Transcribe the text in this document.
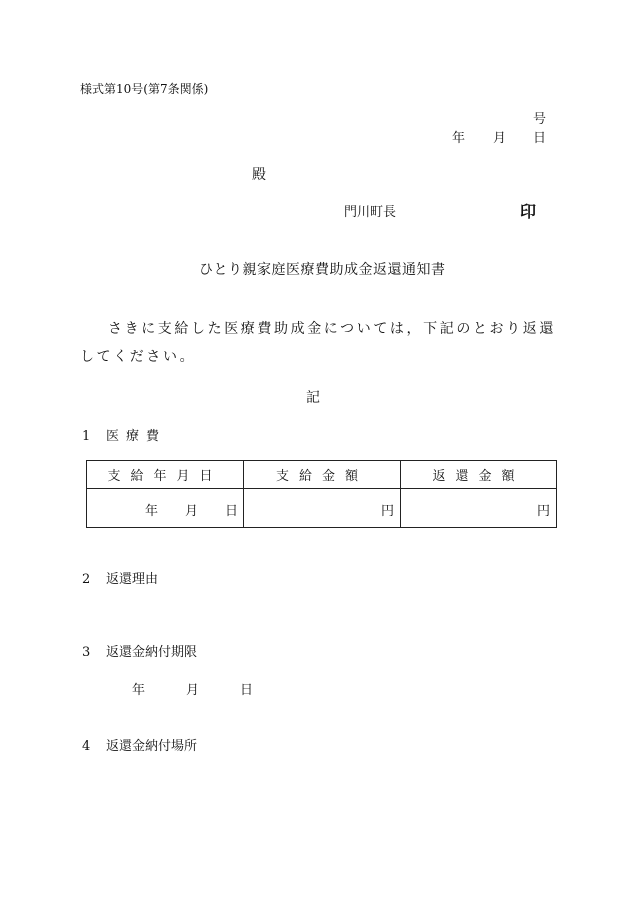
様式第10号(第7条関係)
号
年 月 日
殿
門川町長	印
ひとり親家庭医療費助成金返還通知書
さきに支給した医療費助成金については，下記のとおり返還してください。
記
1 医療費
支給年月日	支給金額	返還金額

年 月 日	円	円
2 返還理由
3 返還金納付期限
年	月	日
4 返還金納付場所
